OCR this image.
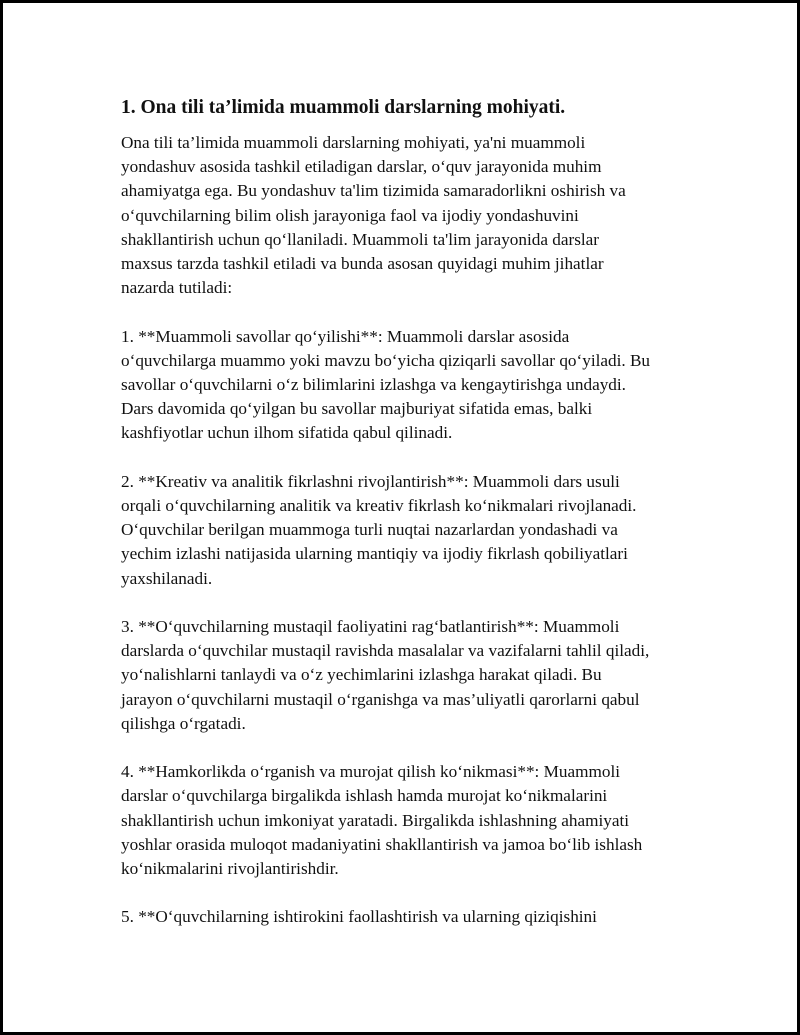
1. Ona tili ta’limida muammoli darslarning mohiyati.
Ona tili ta’limida muammoli darslarning mohiyati, ya'ni muammoli
yondashuv asosida tashkil etiladigan darslar, o‘quv jarayonida muhim
ahamiyatga ega. Bu yondashuv ta'lim tizimida samaradorlikni oshirish va
o‘quvchilarning bilim olish jarayoniga faol va ijodiy yondashuvini
shakllantirish uchun qo‘llaniladi. Muammoli ta'lim jarayonida darslar
maxsus tarzda tashkil etiladi va bunda asosan quyidagi muhim jihatlar
nazarda tutiladi:
1. **Muammoli savollar qo‘yilishi**: Muammoli darslar asosida
o‘quvchilarga muammo yoki mavzu bo‘yicha qiziqarli savollar qo‘yiladi. Bu
savollar o‘quvchilarni o‘z bilimlarini izlashga va kengaytirishga undaydi.
Dars davomida qo‘yilgan bu savollar majburiyat sifatida emas, balki
kashfiyotlar uchun ilhom sifatida qabul qilinadi.
2. **Kreativ va analitik fikrlashni rivojlantirish**: Muammoli dars usuli
orqali o‘quvchilarning analitik va kreativ fikrlash ko‘nikmalari rivojlanadi.
O‘quvchilar berilgan muammoga turli nuqtai nazarlardan yondashadi va
yechim izlashi natijasida ularning mantiqiy va ijodiy fikrlash qobiliyatlari
yaxshilanadi.
3. **O‘quvchilarning mustaqil faoliyatini rag‘batlantirish**: Muammoli
darslarda o‘quvchilar mustaqil ravishda masalalar va vazifalarni tahlil qiladi,
yo‘nalishlarni tanlaydi va o‘z yechimlarini izlashga harakat qiladi. Bu
jarayon o‘quvchilarni mustaqil o‘rganishga va mas’uliyatli qarorlarni qabul
qilishga o‘rgatadi.
4. **Hamkorlikda o‘rganish va murojat qilish ko‘nikmasi**: Muammoli
darslar o‘quvchilarga birgalikda ishlash hamda murojat ko‘nikmalarini
shakllantirish uchun imkoniyat yaratadi. Birgalikda ishlashning ahamiyati
yoshlar orasida muloqot madaniyatini shakllantirish va jamoa bo‘lib ishlash
ko‘nikmalarini rivojlantirishdir.
5. **O‘quvchilarning ishtirokini faollashtirish va ularning qiziqishini
